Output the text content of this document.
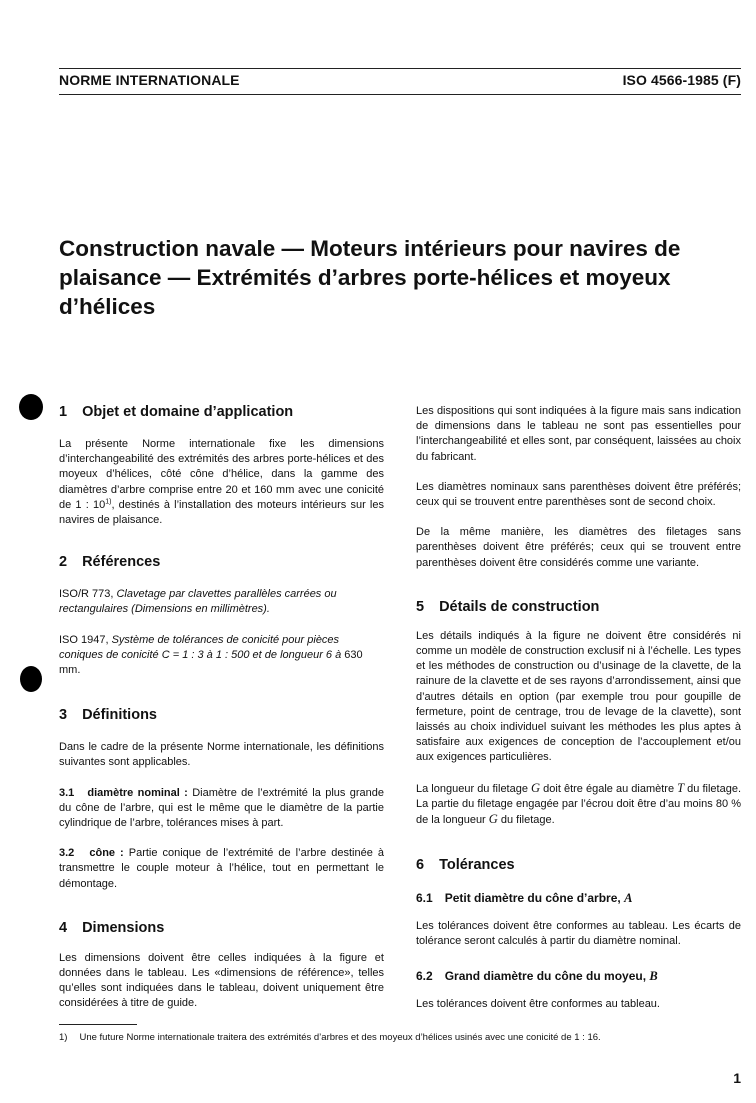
NORME INTERNATIONALE	ISO 4566-1985 (F)
Construction navale — Moteurs intérieurs pour navires de
plaisance — Extrémités d’arbres porte-hélices et moyeux
d’hélices
1 Objet et domaine d’application

La présente Norme internationale fixe les dimensions d’interchangeabilité des extrémités des arbres porte-hélices et des moyeux d’hélices, côté cône d’hélice, dans la gamme des diamètres d’arbre comprise entre 20 et 160 mm avec une conicité de 1 : 10$^{1)}$, destinés à l’installation des moteurs intérieurs sur les navires de plaisance.

2 Références

ISO/R 773, Clavetage par clavettes parallèles carrées ou rectangulaires (Dimensions en millimètres).

ISO 1947, Système de tolérances de conicité pour pièces coniques de conicité C = 1 : 3 à 1 : 500 et de longueur 6 à 630 mm.

3 Définitions

Dans le cadre de la présente Norme internationale, les définitions suivantes sont applicables.

3.1 diamètre nominal : Diamètre de l’extrémité la plus grande du cône de l’arbre, qui est le même que le diamètre de la partie cylindrique de l’arbre, tolérances mises à part.

3.2 cône : Partie conique de l’extrémité de l’arbre destinée à transmettre le couple moteur à l’hélice, tout en permettant le démontage.

4 Dimensions

Les dimensions doivent être celles indiquées à la figure et données dans le tableau. Les «dimensions de référence», telles qu’elles sont indiquées dans le tableau, doivent uniquement être considérées à titre de guide.

Les dispositions qui sont indiquées à la figure mais sans indication de dimensions dans le tableau ne sont pas essentielles pour l’interchangeabilité et elles sont, par conséquent, laissées au choix du fabricant.

Les diamètres nominaux sans parenthèses doivent être préférés; ceux qui se trouvent entre parenthèses sont de second choix.

De la même manière, les diamètres des filetages sans parenthèses doivent être préférés; ceux qui se trouvent entre parenthèses doivent être considérés comme une variante.

5 Détails de construction

Les détails indiqués à la figure ne doivent être considérés ni comme un modèle de construction exclusif ni à l’échelle. Les types et les méthodes de construction ou d’usinage de la clavette, de la rainure de la clavette et de ses rayons d’arrondissement, ainsi que d’autres détails en option (par exemple trou pour goupille de fermeture, point de centrage, trou de levage de la clavette), sont laissés au choix individuel suivant les méthodes les plus aptes à satisfaire aux exigences de conception de l’accouplement et/ou aux exigences particulières.

La longueur du filetage G doit être égale au diamètre T du filetage. La partie du filetage engagée par l’écrou doit être d’au moins 80 % de la longueur G du filetage.

6 Tolérances
6.1 Petit diamètre du cône d’arbre, A

Les tolérances doivent être conformes au tableau. Les écarts de tolérance seront calculés à partir du diamètre nominal.

6.2 Grand diamètre du cône du moyeu, B

Les tolérances doivent être conformes au tableau.

1) Une future Norme internationale traitera des extrémités d’arbres et des moyeux d’hélices usinés avec une conicité de 1 : 16.
1
